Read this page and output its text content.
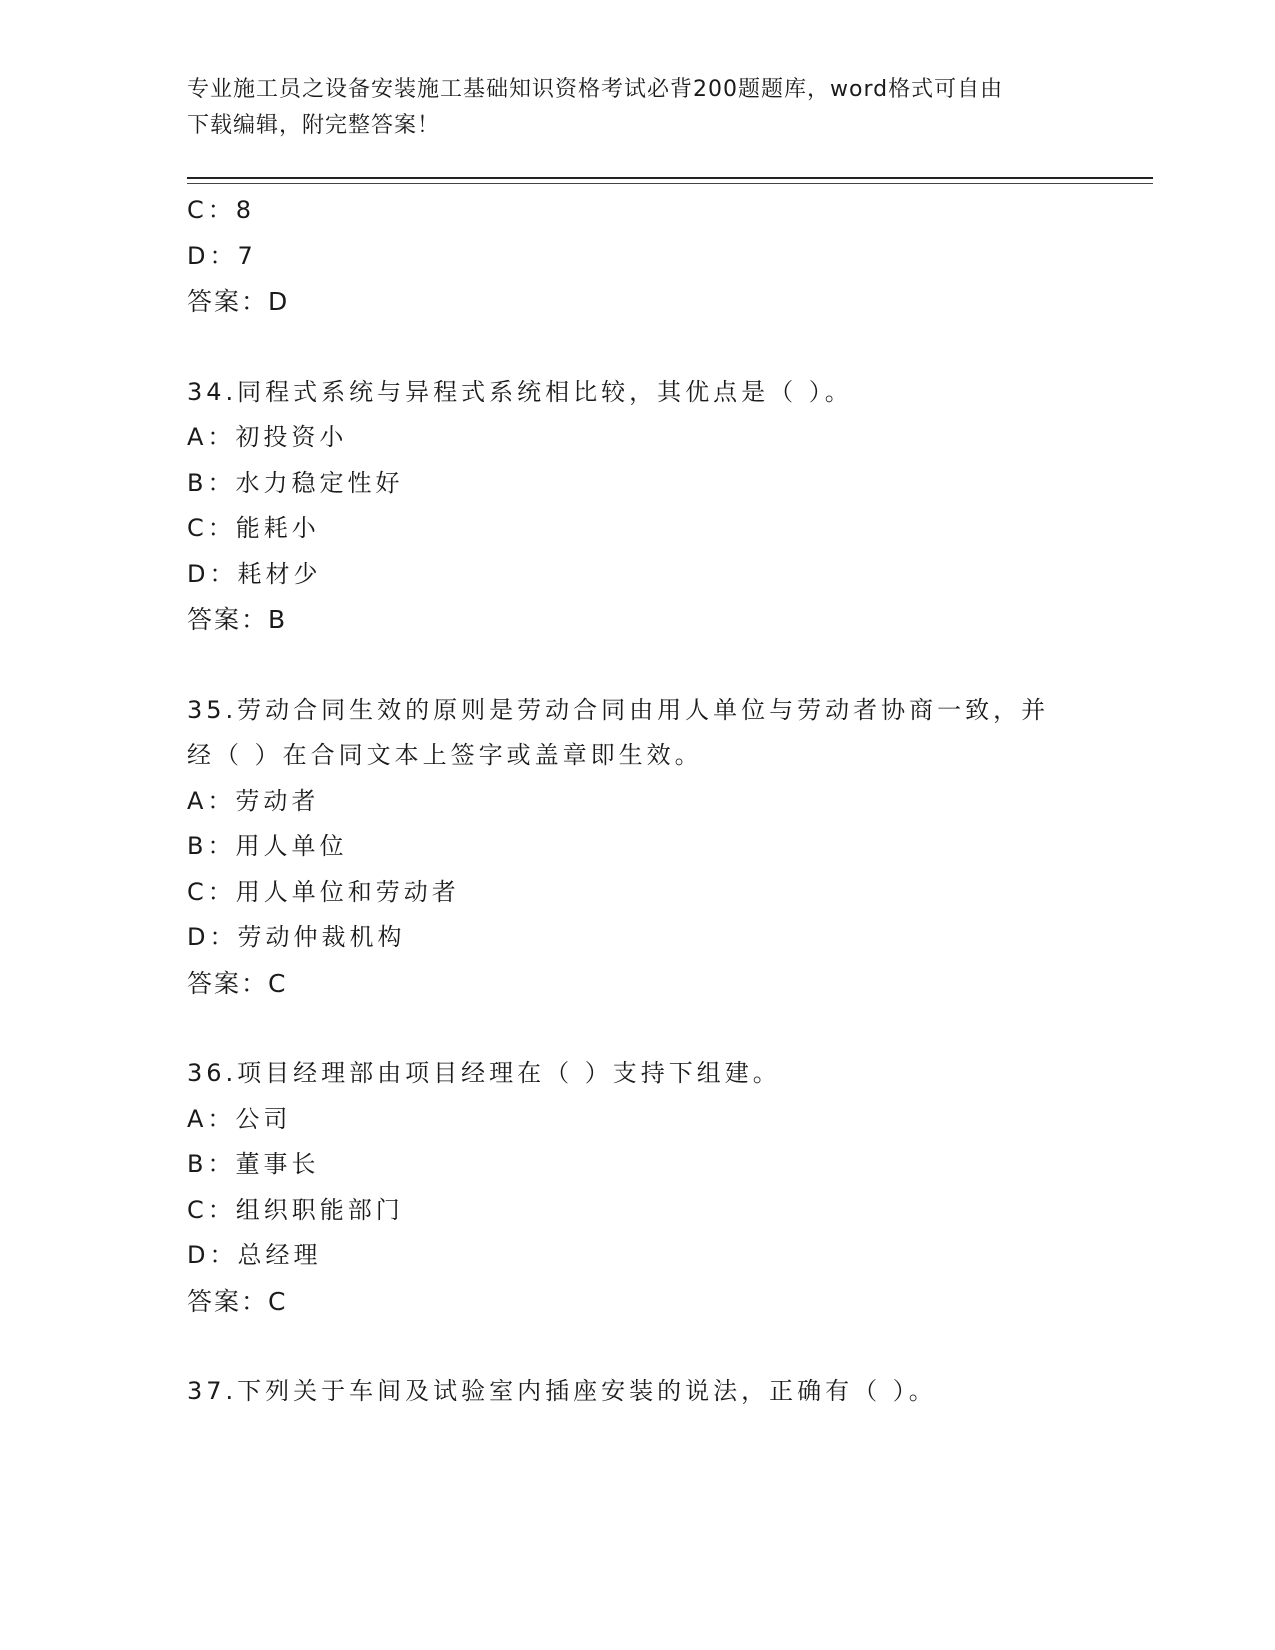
专业施工员之设备安装施工基础知识资格考试必背200题题库，word格式可自由
下载编辑，附完整答案！
C：8
D：7
答案：D
34.同程式系统与异程式系统相比较，其优点是（ ）。
A：初投资小
B：水力稳定性好
C：能耗小
D：耗材少
答案：B
35.劳动合同生效的原则是劳动合同由用人单位与劳动者协商一致，并
经（ ）在合同文本上签字或盖章即生效。
A：劳动者
B：用人单位
C：用人单位和劳动者
D：劳动仲裁机构
答案：C
36.项目经理部由项目经理在（ ）支持下组建。
A：公司
B：董事长
C：组织职能部门
D：总经理
答案：C
37.下列关于车间及试验室内插座安装的说法，正确有（ ）。
